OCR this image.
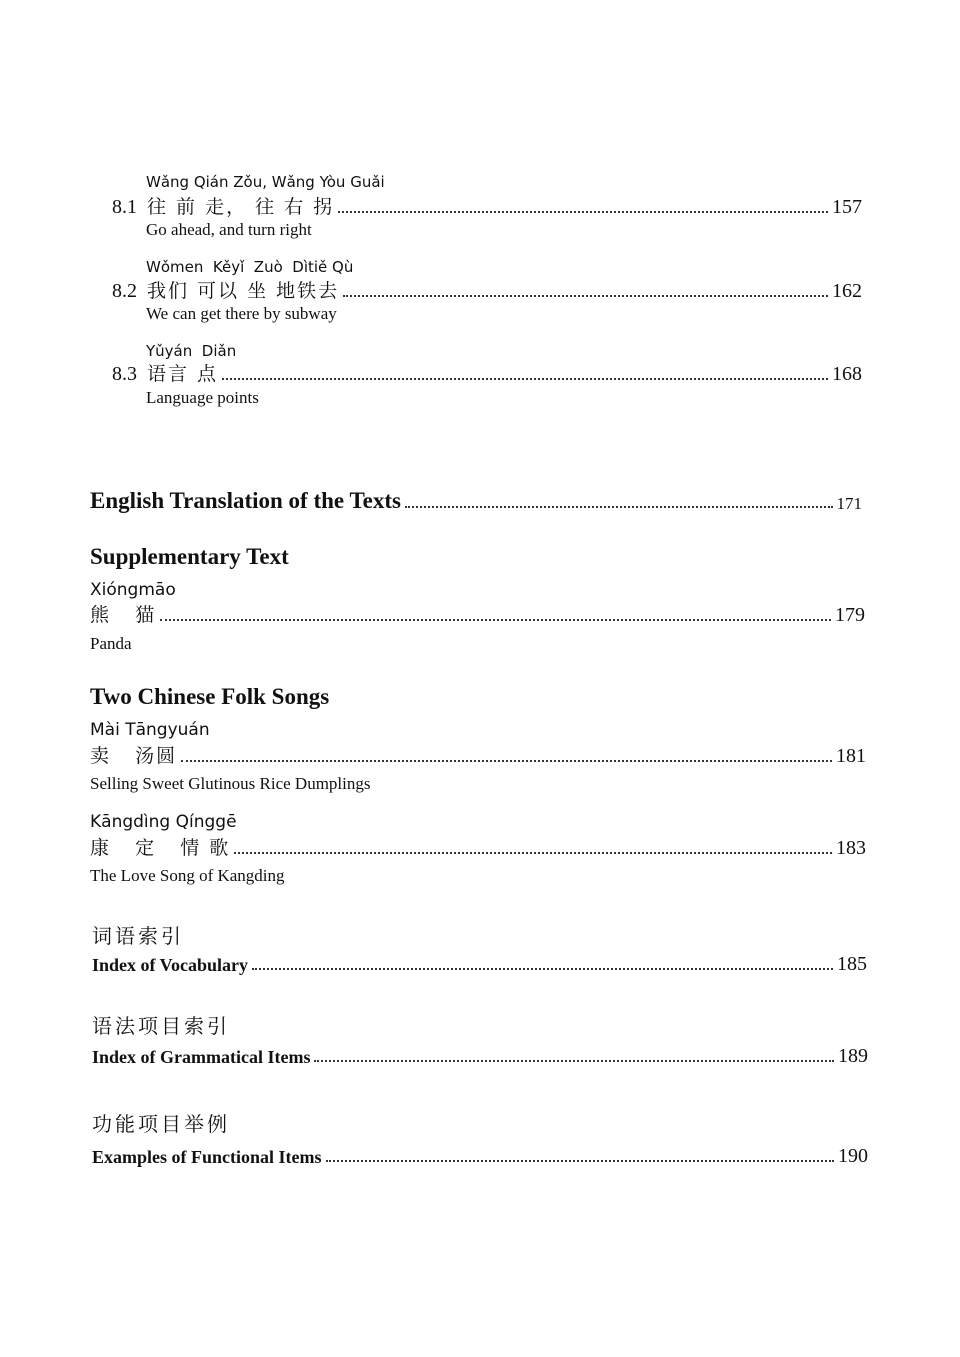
Wǎng Qián Zǒu, Wǎng Yòu Guǎi
8.1 往 前 走， 往 右 拐	157
Go ahead, and turn right
Wǒmen  Kěyǐ  Zuò  Dìtiě Qù
8.2 我们 可以 坐 地铁去	162
We can get there by subway
Yǔyán  Diǎn
8.3 语言 点	168
Language points
English Translation of the Texts	171
Supplementary Text
Xióngmāo
熊   猫	179
Panda
Two Chinese Folk Songs
Mài Tāngyuán
卖   汤圆	181
Selling Sweet Glutinous Rice Dumplings
Kāngdìng Qínggē
康   定   情 歌	183
The Love Song of Kangding
词语索引
Index of Vocabulary	185
语法项目索引
Index of Grammatical Items	189
功能项目举例
Examples of Functional Items	190
